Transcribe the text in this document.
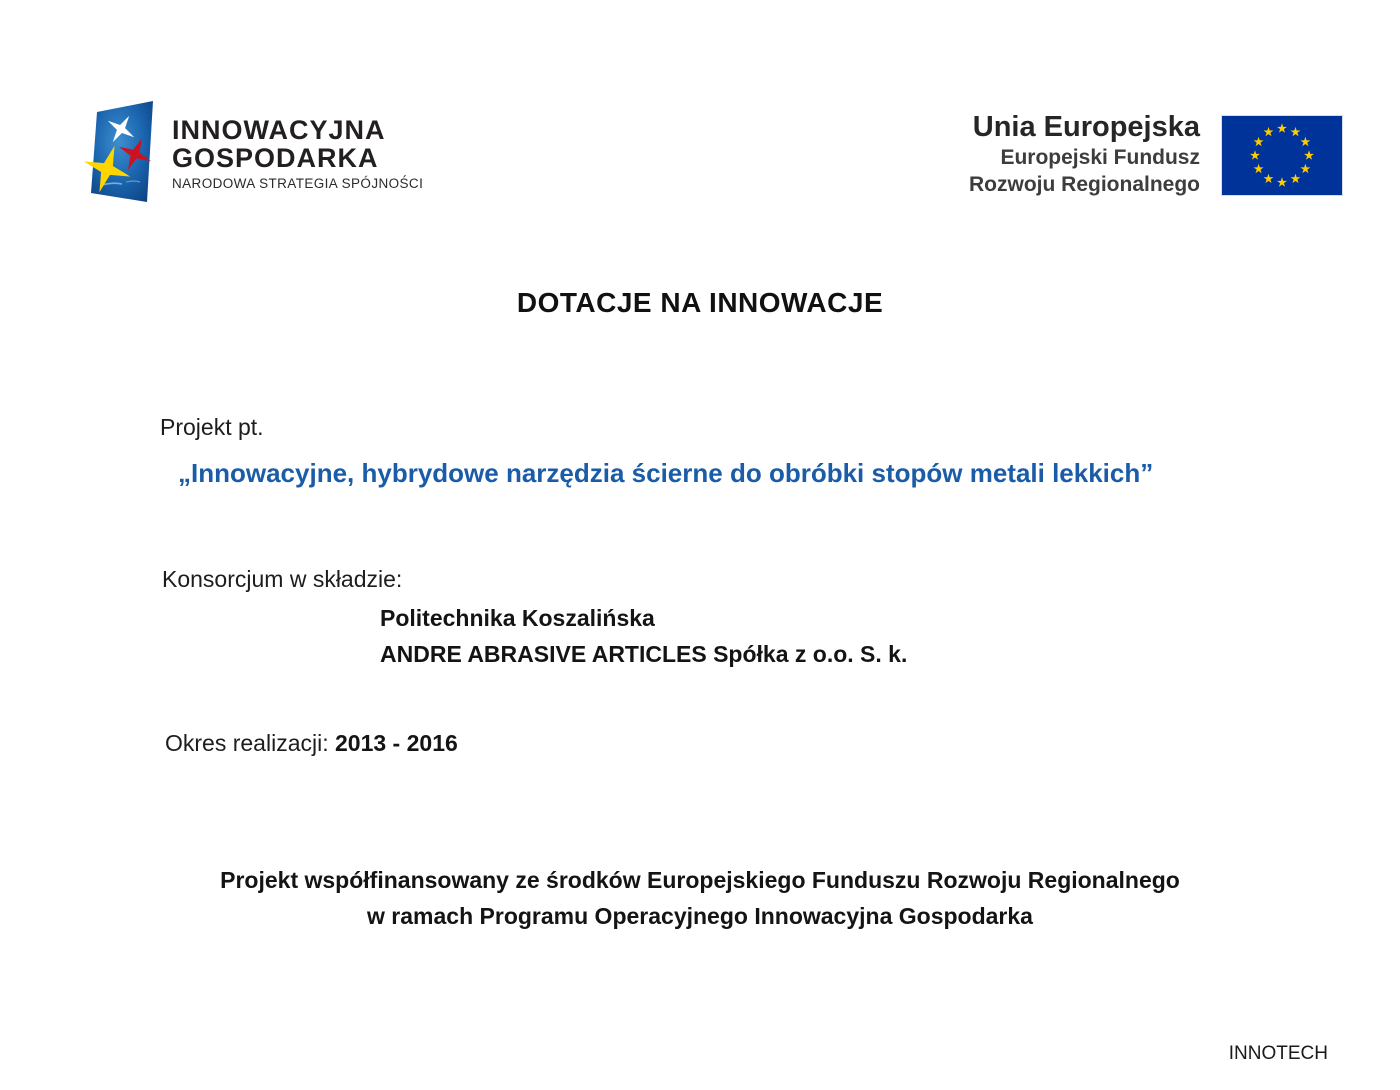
INNOWACYJNA
GOSPODARKA
NARODOWA STRATEGIA SPÓJNOŚCI
Unia Europejska
Europejski Fundusz
Rozwoju Regionalnego
DOTACJE NA INNOWACJE
Projekt pt.
„Innowacyjne, hybrydowe narzędzia ścierne do obróbki stopów metali lekkich”
Konsorcjum w składzie:
Politechnika Koszalińska
ANDRE ABRASIVE ARTICLES Spółka z o.o. S. k.
Okres realizacji: 2013 - 2016
Projekt współfinansowany ze środków Europejskiego Funduszu Rozwoju Regionalnego
w ramach Programu Operacyjnego Innowacyjna Gospodarka
INNOTECH
